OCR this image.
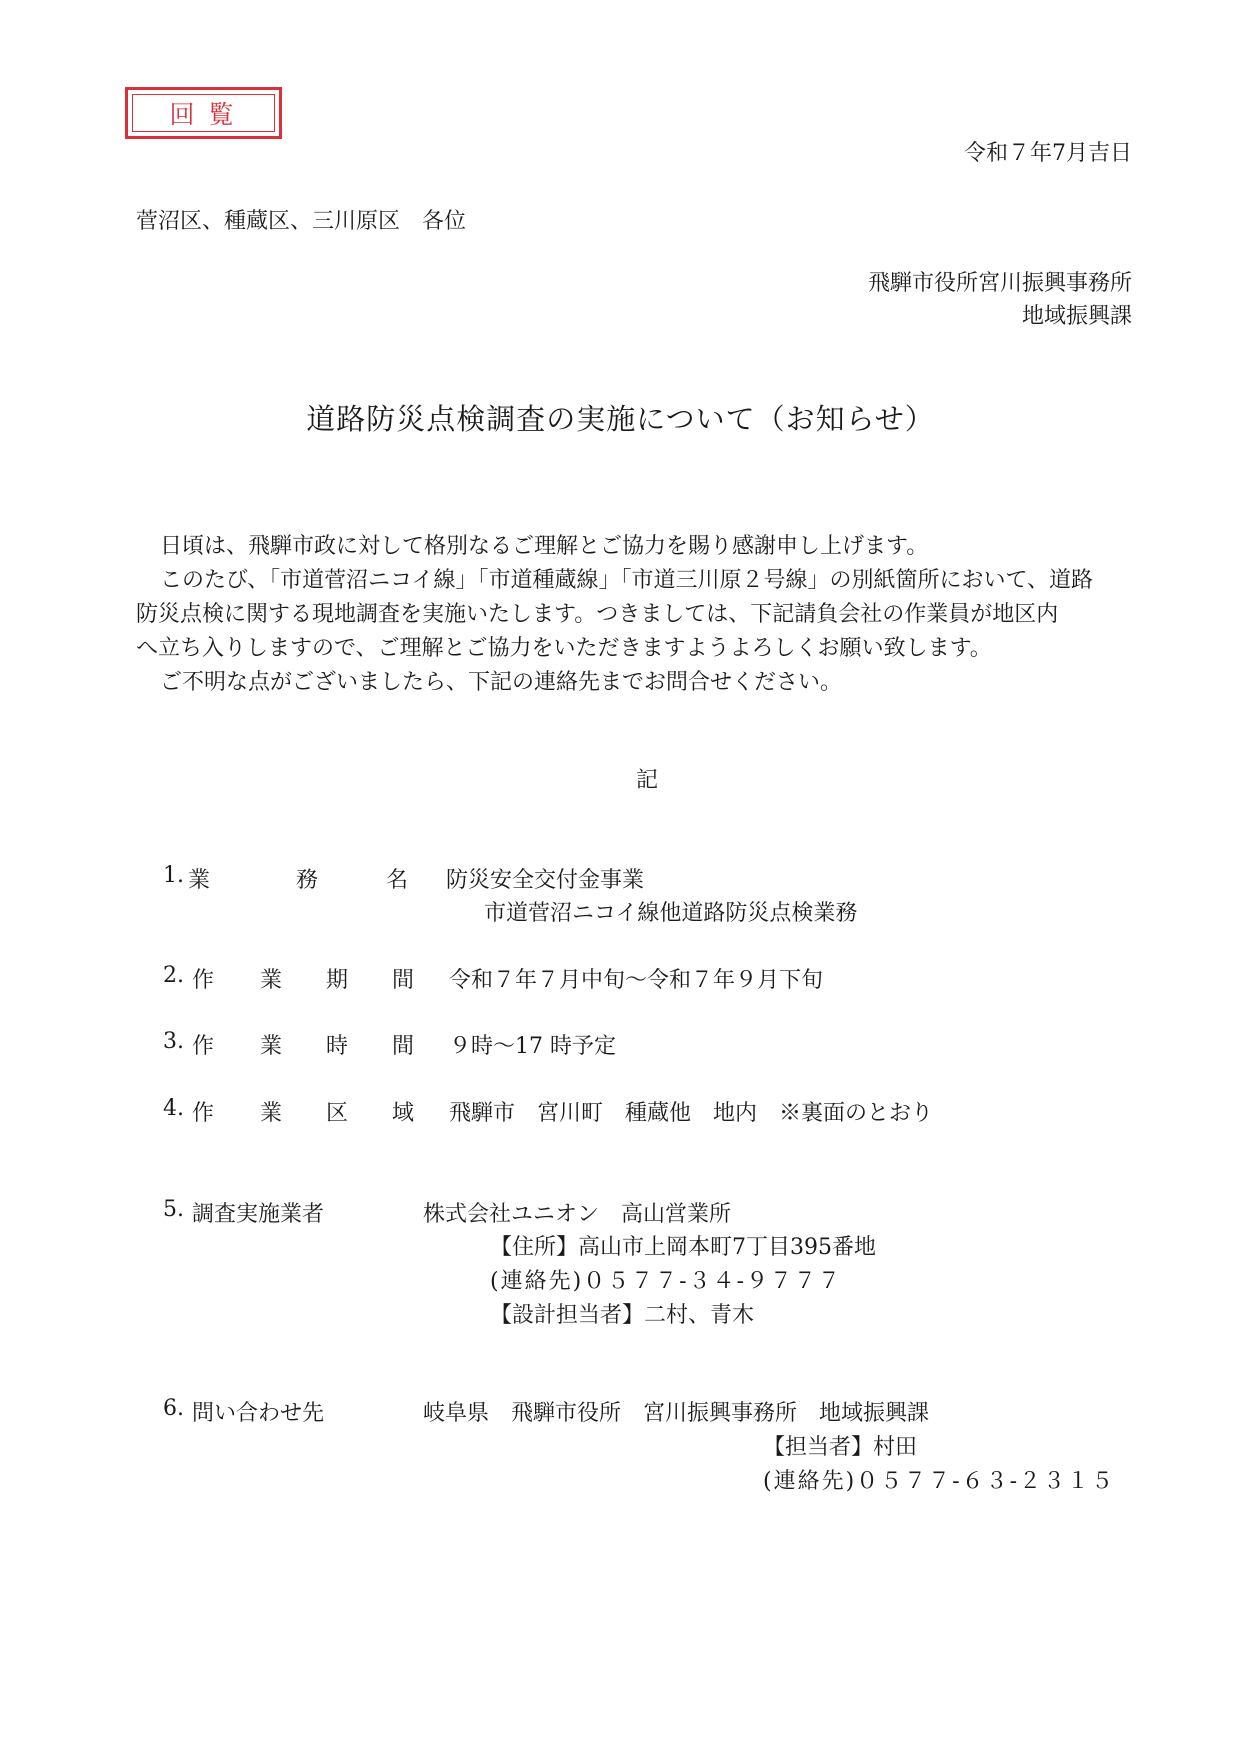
回覧
令和７年7月吉日
菅沼区、種蔵区、三川原区　各位
飛騨市役所宮川振興事務所
地域振興課
道路防災点検調査の実施について（お知らせ）
日頃は、飛騨市政に対して格別なるご理解とご協力を賜り感謝申し上げます。
このたび、「市道菅沼ニコイ線」「市道種蔵線」「市道三川原２号線」の別紙箇所において、道路
防災点検に関する現地調査を実施いたします。つきましては、下記請負会社の作業員が地区内
へ立ち入りしますので、ご理解とご協力をいただきますようよろしくお願い致します。
ご不明な点がございましたら、下記の連絡先までお問合せください。
記
1. 業	務	名 防災安全交付金事業
市道菅沼ニコイ線他道路防災点検業務
2. 作 業 期 間 令和７年７月中旬～令和７年９月下旬
3. 作 業 時 間 ９時～17 時予定
4. 作 業 区 域 飛騨市　宮川町　種蔵他　地内　※裏面のとおり
5. 調査実施業者	株式会社ユニオン　高山営業所
【住所】高山市上岡本町7丁目395番地
(連絡先)０５７７-３４-９７７７
【設計担当者】二村、青木
6. 問い合わせ先	岐阜県　飛騨市役所　宮川振興事務所　地域振興課
【担当者】村田
(連絡先)０５７７-６３-２３１５
